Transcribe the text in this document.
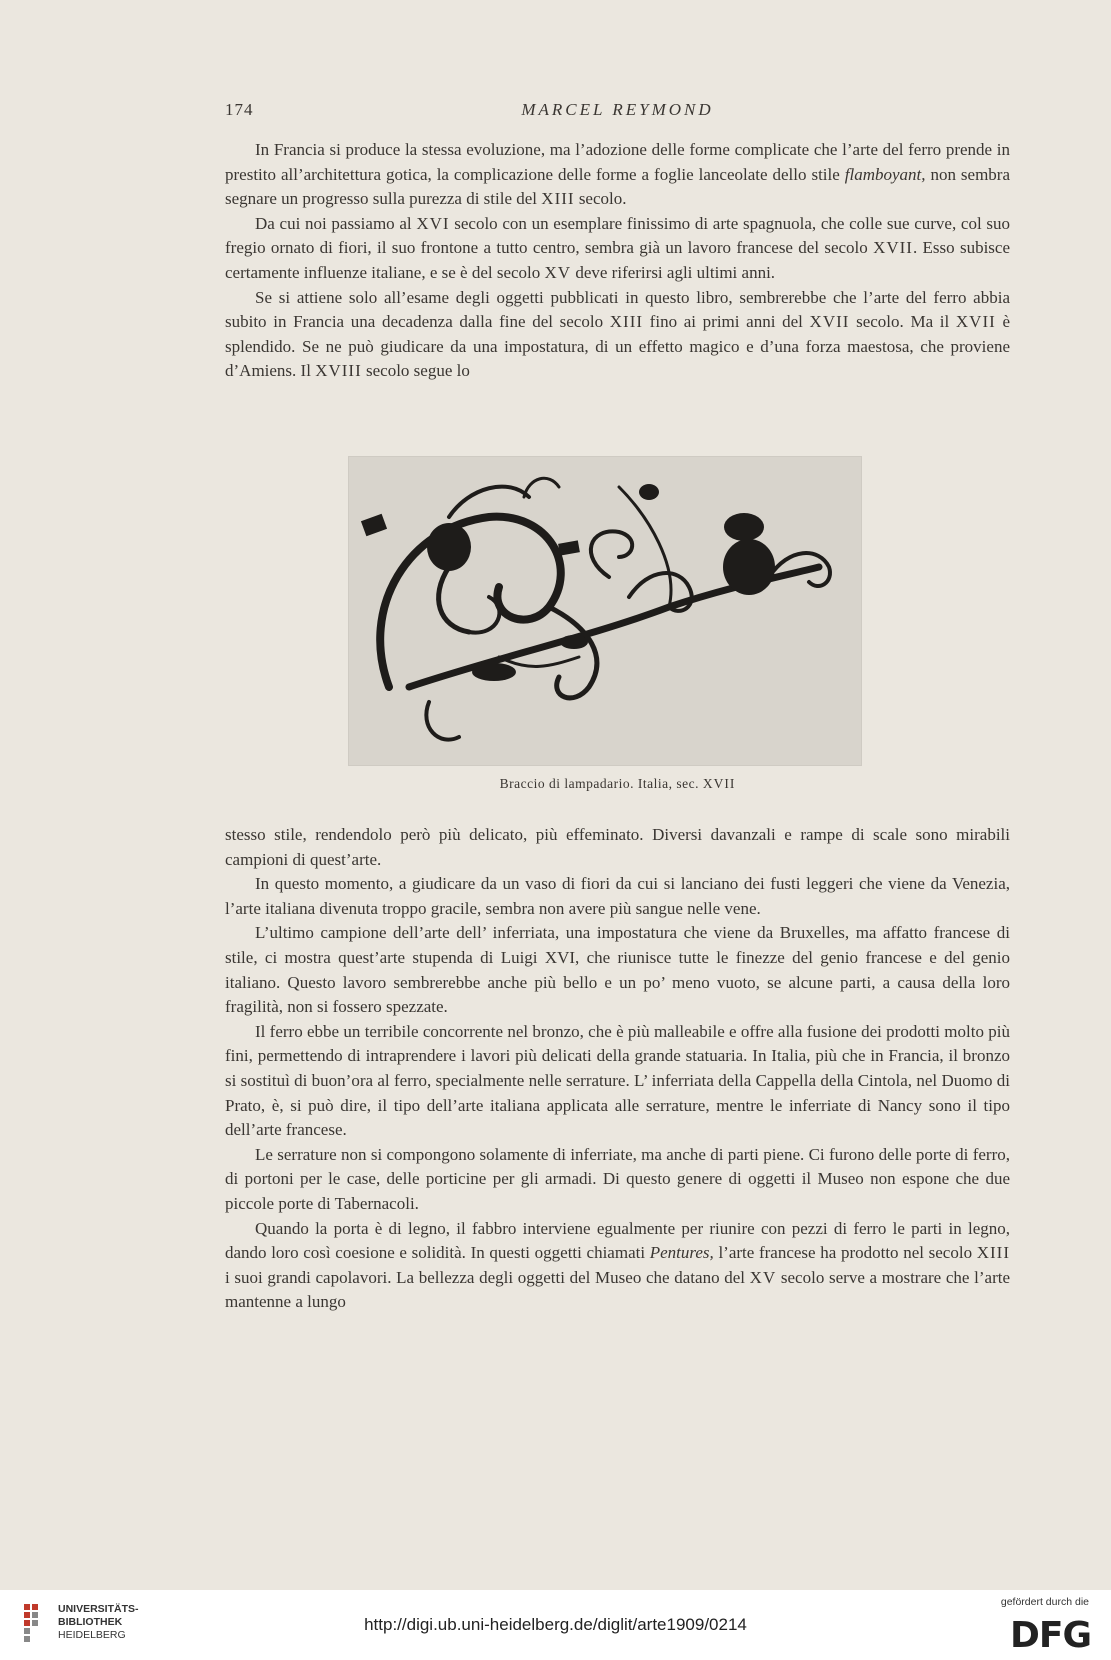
174	MARCEL REYMOND

In Francia si produce la stessa evoluzione, ma l’adozione delle forme complicate che l’arte del ferro prende in prestito all’architettura gotica, la complicazione delle forme a foglie lanceolate dello stile flamboyant, non sembra segnare un progresso sulla purezza di stile del XIII secolo.

Da cui noi passiamo al XVI secolo con un esemplare finissimo di arte spagnuola, che colle sue curve, col suo fregio ornato di fiori, il suo frontone a tutto centro, sembra già un lavoro francese del secolo XVII. Esso subisce certamente influenze italiane, e se è del secolo XV deve riferirsi agli ultimi anni.

Se si attiene solo all’esame degli oggetti pubblicati in questo libro, sembrerebbe che l’arte del ferro abbia subito in Francia una decadenza dalla fine del secolo XIII fino ai primi anni del XVII secolo. Ma il XVII è splendido. Se ne può giudicare da una impostatura, di un effetto magico e d’una forza maestosa, che proviene d’Amiens. Il XVIII secolo segue lo

Braccio di lampadario. Italia, sec. XVII

stesso stile, rendendolo però più delicato, più effeminato. Diversi davanzali e rampe di scale sono mirabili campioni di quest’arte.

In questo momento, a giudicare da un vaso di fiori da cui si lanciano dei fusti leggeri che viene da Venezia, l’arte italiana divenuta troppo gracile, sembra non avere più sangue nelle vene.

L’ultimo campione dell’arte dell’ inferriata, una impostatura che viene da Bruxelles, ma affatto francese di stile, ci mostra quest’arte stupenda di Luigi XVI, che riunisce tutte le finezze del genio francese e del genio italiano. Questo lavoro sembrerebbe anche più bello e un po’ meno vuoto, se alcune parti, a causa della loro fragilità, non si fossero spezzate.

Il ferro ebbe un terribile concorrente nel bronzo, che è più malleabile e offre alla fusione dei prodotti molto più fini, permettendo di intraprendere i lavori più delicati della grande statuaria. In Italia, più che in Francia, il bronzo si sostituì di buon’ora al ferro, specialmente nelle serrature. L’ inferriata della Cappella della Cintola, nel Duomo di Prato, è, si può dire, il tipo dell’arte italiana applicata alle serrature, mentre le inferriate di Nancy sono il tipo dell’arte francese.

Le serrature non si compongono solamente di inferriate, ma anche di parti piene. Ci furono delle porte di ferro, di portoni per le case, delle porticine per gli armadi. Di questo genere di oggetti il Museo non espone che due piccole porte di Tabernacoli.

Quando la porta è di legno, il fabbro interviene egualmente per riunire con pezzi di ferro le parti in legno, dando loro così coesione e solidità. In questi oggetti chiamati Pentures, l’arte francese ha prodotto nel secolo XIII i suoi grandi capolavori. La bellezza degli oggetti del Museo che datano del XV secolo serve a mostrare che l’arte mantenne a lungo

UNIVERSITÄTS-
BIBLIOTHEK
HEIDELBERG
http://digi.ub.uni-heidelberg.de/diglit/arte1909/0214
gefördert durch die
DFG
